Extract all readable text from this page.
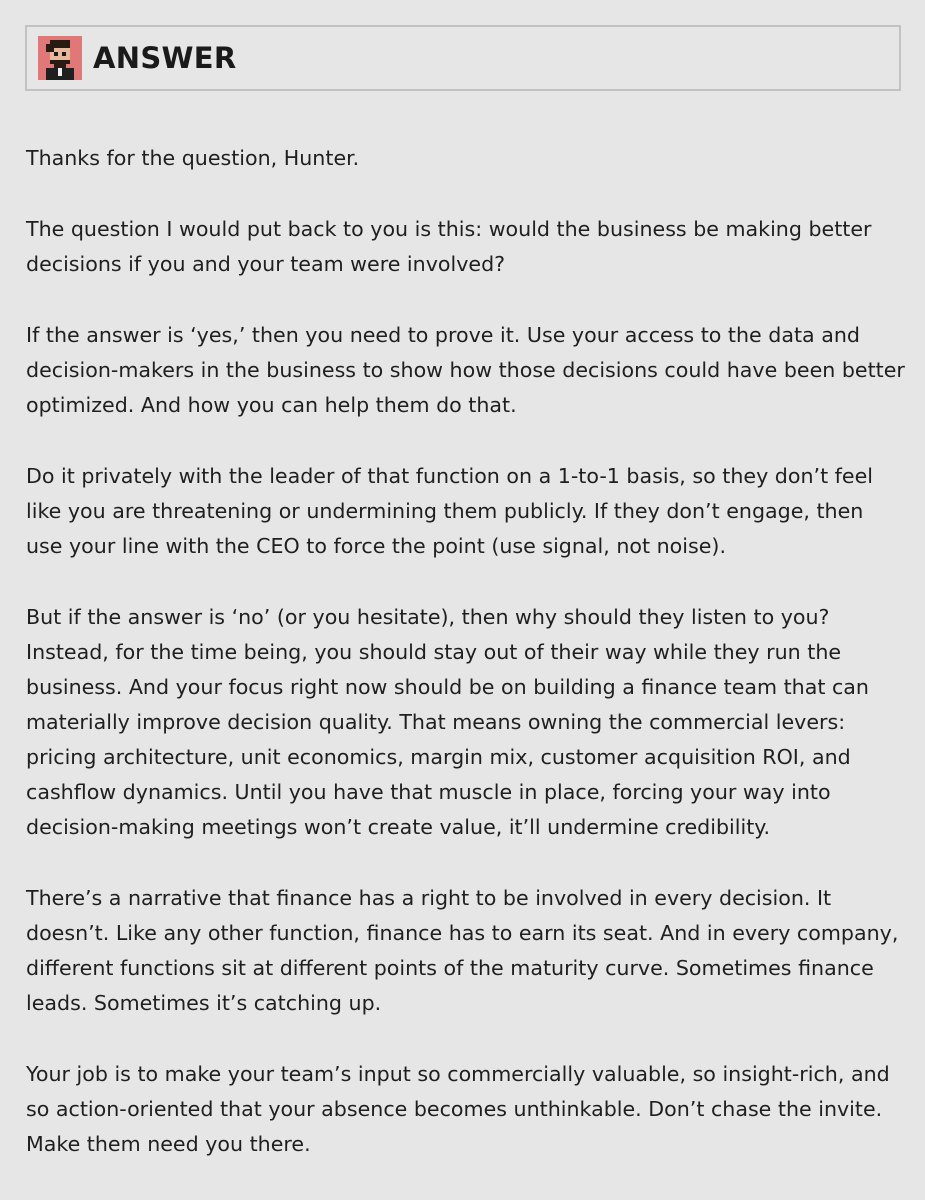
ANSWER

Thanks for the question, Hunter.

The question I would put back to you is this: would the business be making better decisions if you and your team were involved?

If the answer is ‘yes,’ then you need to prove it. Use your access to the data and decision-makers in the business to show how those decisions could have been better optimized. And how you can help them do that.

Do it privately with the leader of that function on a 1-to-1 basis, so they don’t feel like you are threatening or undermining them publicly. If they don’t engage, then use your line with the CEO to force the point (use signal, not noise).

But if the answer is ‘no’ (or you hesitate), then why should they listen to you? Instead, for the time being, you should stay out of their way while they run the business. And your focus right now should be on building a finance team that can materially improve decision quality. That means owning the commercial levers: pricing architecture, unit economics, margin mix, customer acquisition ROI, and cashflow dynamics. Until you have that muscle in place, forcing your way into decision-making meetings won’t create value, it’ll undermine credibility.

There’s a narrative that finance has a right to be involved in every decision. It doesn’t. Like any other function, finance has to earn its seat. And in every company, different functions sit at different points of the maturity curve. Sometimes finance leads. Sometimes it’s catching up.

Your job is to make your team’s input so commercially valuable, so insight-rich, and so action-oriented that your absence becomes unthinkable. Don’t chase the invite. Make them need you there.
